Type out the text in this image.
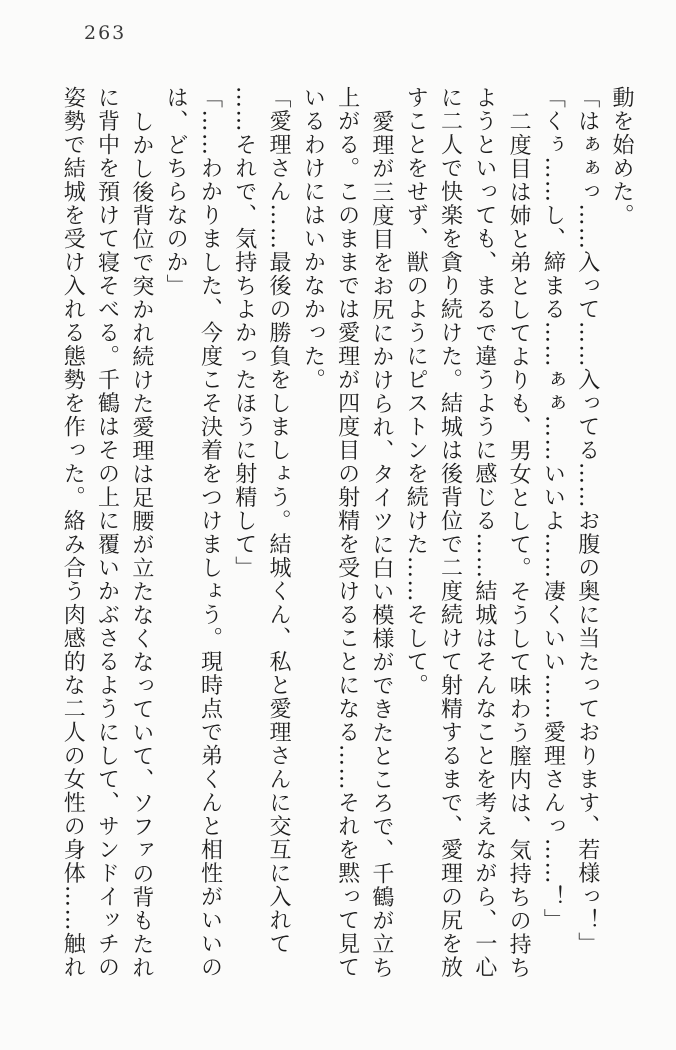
263
動を始めた。
「はぁぁっ……入って……入ってる……お腹の奥に当たっております、若様っ！」
「くぅ……し、締まる……ぁぁ……いいよ……凄くいい……愛理さんっ……！」
二度目は姉と弟としてよりも、男女として。そうして味わう膣内は、気持ちの持ち
ようといっても、まるで違うように感じる……結城はそんなことを考えながら、一心
に二人で快楽を貪り続けた。結城は後背位で二度続けて射精するまで、愛理の尻を放
すことをせず、獣のようにピストンを続けた……そして。
愛理が三度目をお尻にかけられ、タイツに白い模様ができたところで、千鶴が立ち
上がる。このままでは愛理が四度目の射精を受けることになる……それを黙って見て
いるわけにはいかなかった。
「愛理さん……最後の勝負をしましょう。結城くん、私と愛理さんに交互に入れて
……それで、気持ちよかったほうに射精して」
「……わかりました、今度こそ決着をつけましょう。現時点で弟くんと相性がいいの
は、どちらなのか」
しかし後背位で突かれ続けた愛理は足腰が立たなくなっていて、ソファの背もたれ
に背中を預けて寝そべる。千鶴はその上に覆いかぶさるようにして、サンドイッチの
姿勢で結城を受け入れる態勢を作った。絡み合う肉感的な二人の女性の身体……触れ
